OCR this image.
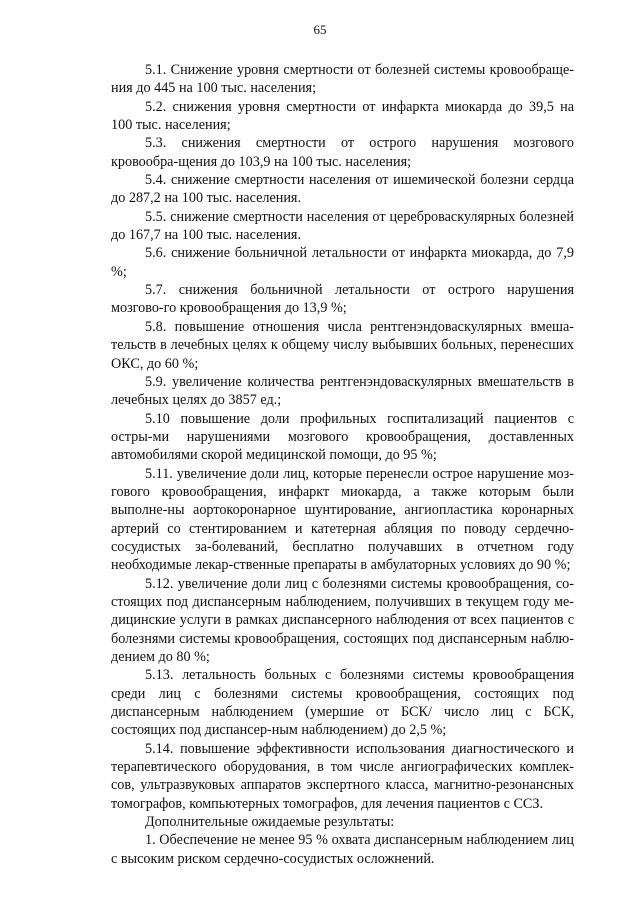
65

5.1. Снижение уровня смертности от болезней системы кровообраще-ния до 445 на 100 тыс. населения;

5.2. снижения уровня смертности от инфаркта миокарда до 39,5 на 100 тыс. населения;

5.3. снижения смертности от острого нарушения мозгового кровообра-щения до 103,9 на 100 тыс. населения;

5.4. снижение смертности населения от ишемической болезни сердца до 287,2 на 100 тыс. населения.

5.5. снижение смертности населения от цереброваскулярных болезней до 167,7 на 100 тыс. населения.

5.6. снижение больничной летальности от инфаркта миокарда, до 7,9 %;

5.7. снижения больничной летальности от острого нарушения мозгово-го кровообращения до 13,9 %;

5.8. повышение отношения числа рентгенэндоваскулярных вмеша-тельств в лечебных целях к общему числу выбывших больных, перенесших ОКС, до 60 %;

5.9. увеличение количества рентгенэндоваскулярных вмешательств в лечебных целях до 3857 ед.;

5.10 повышение доли профильных госпитализаций пациентов с остры-ми нарушениями мозгового кровообращения, доставленных автомобилями скорой медицинской помощи, до 95 %;

5.11. увеличение доли лиц, которые перенесли острое нарушение моз-гового кровообращения, инфаркт миокарда, а также которым были выполне-ны аортокоронарное шунтирование, ангиопластика коронарных артерий со стентированием и катетерная абляция по поводу сердечно-сосудистых за-болеваний, бесплатно получавших в отчетном году необходимые лекар-ственные препараты в амбулаторных условиях до 90 %;

5.12. увеличение доли лиц с болезнями системы кровообращения, со-стоящих под диспансерным наблюдением, получивших в текущем году ме-дицинские услуги в рамках диспансерного наблюдения от всех пациентов с болезнями системы кровообращения, состоящих под диспансерным наблю-дением до 80 %;

5.13. летальность больных с болезнями системы кровообращения среди лиц с болезнями системы кровообращения, состоящих под диспансерным наблюдением (умершие от БСК/ число лиц с БСК, состоящих под диспансер-ным наблюдением) до 2,5 %;

5.14. повышение эффективности использования диагностического и терапевтического оборудования, в том числе ангиографических комплек-сов, ультразвуковых аппаратов экспертного класса, магнитно-резонансных томографов, компьютерных томографов, для лечения пациентов с ССЗ.

Дополнительные ожидаемые результаты:

1. Обеспечение не менее 95 % охвата диспансерным наблюдением лиц с высоким риском сердечно-сосудистых осложнений.
